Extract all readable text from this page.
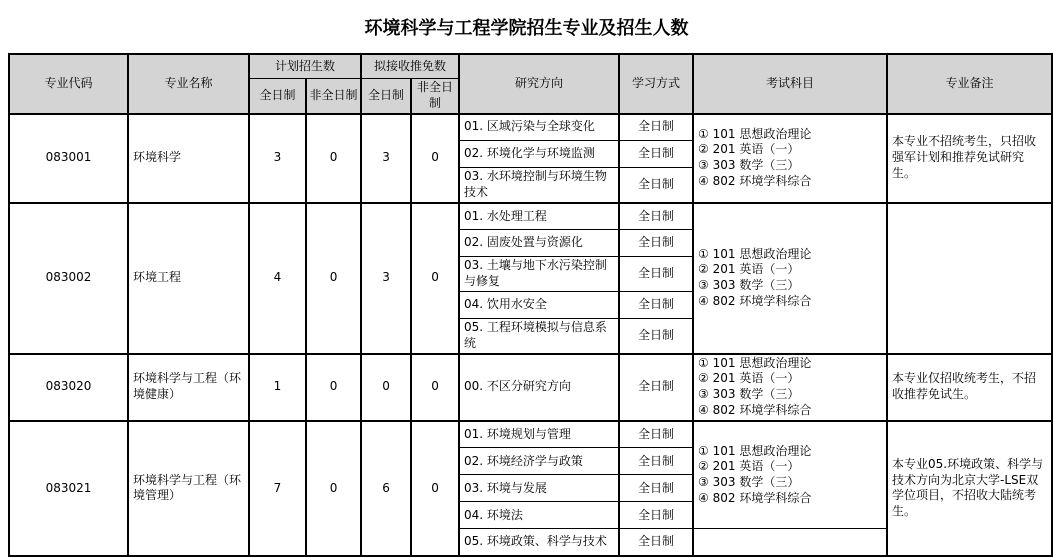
环境科学与工程学院招生专业及招生人数
专业代码	专业名称	计划招生数		拟接收推免数		研究方向	学习方式	考试科目	专业备注
		全日制	非全日制	全日制	非全日制				
083001	环境科学	3	0	3	0	01. 区域污染与全球变化	全日制	① 101 思想政治理论
② 201 英语（一）
③ 303 数学（三）
④ 802 环境学科综合	本专业不招统考生，只招收强军计划和推荐免试研究生。
						02. 环境化学与环境监测	全日制		
						03. 水环境控制与环境生物技术	全日制		
083002	环境工程	4	0	3	0	01. 水处理工程	全日制	① 101 思想政治理论
② 201 英语（一）
③ 303 数学（三）
④ 802 环境学科综合	

						02. 固废处置与资源化	全日制		
						03. 土壤与地下水污染控制与修复	全日制		
						04. 饮用水安全	全日制		
						05. 工程环境模拟与信息系统	全日制		
083020	环境科学与工程（环境健康）	1	0	0	0	00. 不区分研究方向	全日制	① 101 思想政治理论
② 201 英语（一）
③ 303 数学（三）
④ 802 环境学科综合	本专业仅招收统考生，不招收推荐免试生。
083021	环境科学与工程（环境管理）	7	0	6	0	01. 环境规划与管理	全日制	① 101 思想政治理论
② 201 英语（一）
③ 303 数学（三）
④ 802 环境学科综合	本专业05.环境政策、科学与技术方向为北京大学-LSE双学位项目，不招收大陆统考生。
						02. 环境经济学与政策	全日制		
						03. 环境与发展	全日制		
						04. 环境法	全日制		
						05. 环境政策、科学与技术	全日制		
